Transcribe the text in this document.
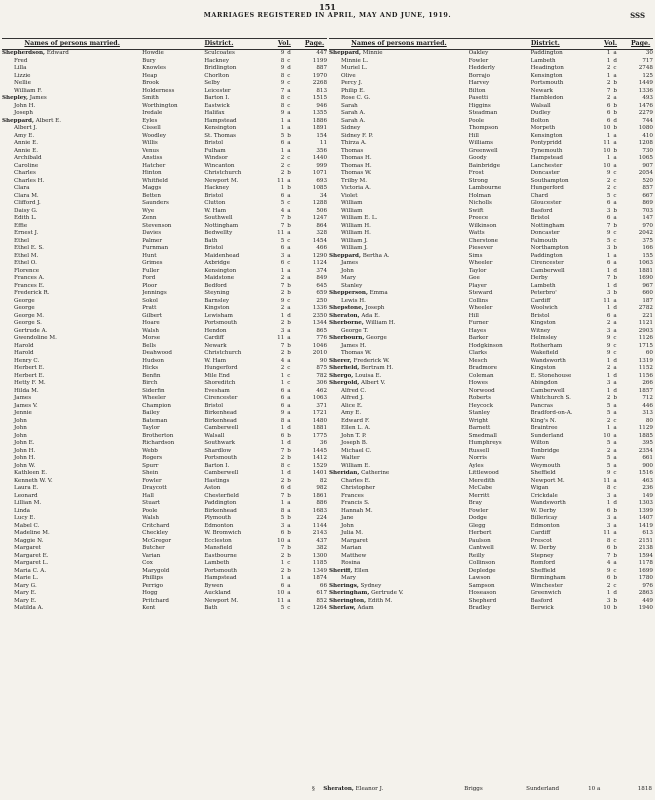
151
SSS
MARRIAGES REGISTERED IN APRIL, MAY AND JUNE, 1919.
Names of persons married.	District.	Vol.	Page.
Shepherdson, Edward	Howdie	Sculcoates	9 d	447
Fred	Bury	Hackney	8 c	1199
Lilla	Knowles	Bridlington	9 d	887
Lizzie	Heap	Chorlton	8 c	1970
Nellie	Brook	Selby	9 c	2268
William F.	Holderness	Leicester	7 a	813
Shepley, James	Smith	Barton I.	8 c	1515
John H.	Worthington	Eastwick	8 c	946
Joseph	Iredale	Halifax	9 a	1355
Sheppard, Albert E.	Eyles	Hampstead	1 a	1886
Albert J.	Cissell	Kensington	1 a	1891
Amy E.	Woodley	St. Thomas	5 b	154
Annie E.	Willis	Bristol	6 a	11
Annie E.	Venus	Fulham	1 a	356
Archibald	Anstiss	Windsor	2 c	1440
Caroline	Hatcher	Wincanton	2 c	999
Charles	Hinton	Christchurch	2 b	1071
Charles H.	Whitfield	Newport M.	11 a	693
Clara	Maggs	Hackney	1 b	1085
Clara M.	Betten	Bristol	6 a	34
Clifford J.	Saunders	Clutton	5 c	1288
Daisy G.	Wye	W. Ham	4 a	506
Edith L.	Zenn	Southwell	7 b	1247
Effie	Stevenson	Nottingham	7 b	864
Ernest J.	Davies	Bedwellty	11 a	328
Ethel	Palmer	Bath	5 c	1454
Ethel E. S.	Furnman	Bristol	6 a	466
Ethel M.	Hunt	Maidenhead	3 a	1290
Ethel O.	Grimes	Axbridge	6 c	1124
Florence	Fuller	Kensington	1 a	374
Frances A.	Ford	Maidstone	2 a	849
Frances E.	Ploor	Bedford	7 b	645
Frederick R.	Jennings	Steyning	2 b	659
George	Sokol	Barnsley	9 c	250
George	Pratt	Kingston	2 a	1336
George M.	Gilbert	Lewisham	1 d	2350
George S.	Hoare	Portsmouth	2 b	1344
Gertrude A.	Walsh	Hendon	3 a	865
Gwendoline M.	Morse	Cardiff	11 a	776
Harold	Bells	Newark	7 b	1046
Harold	Deahwood	Christchurch	2 b	2010
Henry C.	Hudson	W. Ham	4 a	90
Herbert E.	Hicks	Hungerford	2 c	875
Herbert E.	Benfin	Mile End	1 c	782
Hetty F. M.	Birch	Shoreditch	1 c	306
Hilda M.	Siderfin	Evesham	6 a	462
James	Wheeler	Cirencester	6 a	1063
James V.	Champion	Bristol	6 a	371
Jennie	Bailey	Birkenhead	9 a	1721
John	Bateman	Birkenhead	8 a	1480
John	Taylor	Camberwell	1 d	1881
John	Brotherton	Walsall	6 b	1775
John E.	Richardson	Southwark	1 d	36
John H.	Webb	Shardlow	7 b	1445
John H.	Rogers	Portsmouth	2 b	1412
John W.	Spurr	Barton I.	8 c	1529
Kathleen E.	Shein	Camberwell	1 d	1401
Kenneth W. V.	Fowler	Hastings	2 b	82
Laura E.	Draycott	Aston	6 d	982
Leonard	Hall	Chesterfield	7 b	1861
Lillian M.	Stuart	Paddington	1 a	886
Linda	Poole	Birkenhead	8 a	1683
Lucy E.	Walsh	Plymouth	5 b	224
Mabel C.	Critchard	Edmonton	3 a	1144
Madeline M.	Checkley	W. Bromwich	6 b	2143
Maggie N.	McGregor	Eccleston	10 a	437
Margaret	Butcher	Mansfield	7 b	382
Margaret E.	Varian	Eastbourne	2 b	1300
Margaret L.	Cox	Lambeth	1 c	1185
Maria C. A.	Marygold	Portsmouth	2 b	1349
Marie L.	Phillips	Hampstead	1 a	1874
Mary G.	Perrigo	Bywen	6 a	66
Mary E.	Hogg	Auckland	10 a	617
Mary E.	Pritchard	Newport M.	11 a	852
Matilda A.	Kent	Bath	5 c	1264
Names of persons married.	District.	Vol.	Page.
Sheppard, Minnie	Oakley	Paddington	1 a	30
Minnie L.	Fowler	Lambeth	1 d	717
Muriel L.	Hedderly	Headington	2 c	2748
Olive	Borrajo	Kensington	1 a	125
Percy J.	Harvey	Portsmouth	2 b	1449
Philip E.	Bilton	Newark	7 b	1336
Rose C. G.	Pasetti	Hambledon	2 a	493
Sarah	Higgins	Walsall	6 b	1476
Sarah A.	Steadman	Dudley	6 b	2279
Sarah A.	Poole	Bolton	6 d	744
Sidney	Thompson	Morpeth	10 b	1080
Sidney F. P.	Hill	Kensington	1 a	410
Thirza A.	Williams	Pontypridd	11 a	1208
Thomas	Greenwell	Tynemouth	10 b	730
Thomas H.	Goody	Hampstead	1 a	1065
Thomas H.	Bainbridge	Lanchester	10 a	907
Thomas W.	Frost	Doncaster	9 c	2054
Trilby M.	Strong	Southampton	2 c	520
Victoria A.	Lambourne	Hungerford	2 c	857
Violet	Holman	Chard	5 c	667
William	Nicholls	Gloucester	6 a	869
William	Swift	Basford	3 b	703
William E. L.	Preece	Bristol	6 a	147
William H.	Wilkinson	Nottingham	7 b	970
William H.	Watts	Doncaster	9 c	2042
William J.	Cherstone	Falmouth	5 c	375
William J.	Piesever	Northampton	3 b	166
Sheppard, Bertha A.	Sims	Paddington	1 a	155
James	Wheeler	Cirencester	6 a	1063
John	Taylor	Camberwell	1 d	1881
Mary	Gee	Derby	7 b	1690
Stanley	Player	Lambeth	1 d	967
Shepperson, Emma	Steward	Peterbro'	3 b	660
Lewis H.	Collins	Cardiff	11 a	187
Shepstone, Joseph	Wheeler	Woolwich	1 d	2782
Sheraton, Ada E.	Hill	Bristol	6 a	221
Sherborne, William H.	Furner	Kingston	2 a	1121
George T.	Hayes	Witney	3 a	2903
Sherbourn, George	Barker	Helmsley	9 c	1126
James H.	Hodgkinson	Rotherham	9 c	1715
Thomas W.	Clarks	Wakefield	9 c	60
Sherer, Frederick W.	Mesch	Wandsworth	1 d	1319
Sherfield, Bertram H.	Bradmore	Kingston	2 a	1152
Shergo, Louisa E.	Coleman	E. Stonehouse	1 d	1156
Shergold, Albert V.	Howes	Abingdon	3 a	266
Alfred C.	Norwood	Camberwell	1 d	1857
Alfred J.	Roberts	Whitchurch S.	2 b	712
Alice E.	Heycock	Pancras	5 a	446
Amy E.	Stanley	Bradford-on-A.	5 a	313
Edward F.	Wright	King's N.	2 c	80
Ellen L. A.	Barnett	Braintree	1 a	1129
John T. P.	Smedmall	Sunderland	10 a	1885
Joseph B.	Humphreys	Wilton	5 a	395
Michael C.	Russell	Tonbridge	2 a	2354
Walter	Norris	Ware	5 a	661
William E.	Ayles	Weymouth	5 a	900
Sheridan, Catherine	Littlewood	Sheffield	9 c	1516
Charles E.	Meredith	Newport M.	11 a	463
Christopher	McCabe	Wigan	8 c	236
Frances	Merritt	Crickdale	3 a	149
Francis S.	Bray	Wandsworth	1 d	1303
Hannah M.	Fowler	W. Derby	6 b	1399
Jane	Dodge	Billericay	3 a	1407
John	Glegg	Edmonton	3 a	1419
Julia M.	Herbert	Cardiff	11 a	613
Margaret	Paulson	Prescot	8 c	2151
Marian	Cantwell	W. Derby	6 b	2138
Matthew	Reilly	Stepney	7 b	1594
Rosina	Collinson	Romford	4 a	1178
Sheriff, Ellen	Depledge	Sheffield	9 c	1699
Mary	Lawson	Birmingham	6 b	1780
Sherings, Sydney	Sampson	Winchester	2 c	976
Sheringham, Gertrude V.	Hoseason	Greenwich	1 d	2863
Sherington, Edith M.	Shepherd	Basford	3 b	449
Sherlaw, Adam	Bradley	Berwick	10 b	1940
§	Sheraton, Eleanor J.	Briggs	Sunderland	10 a	1818
